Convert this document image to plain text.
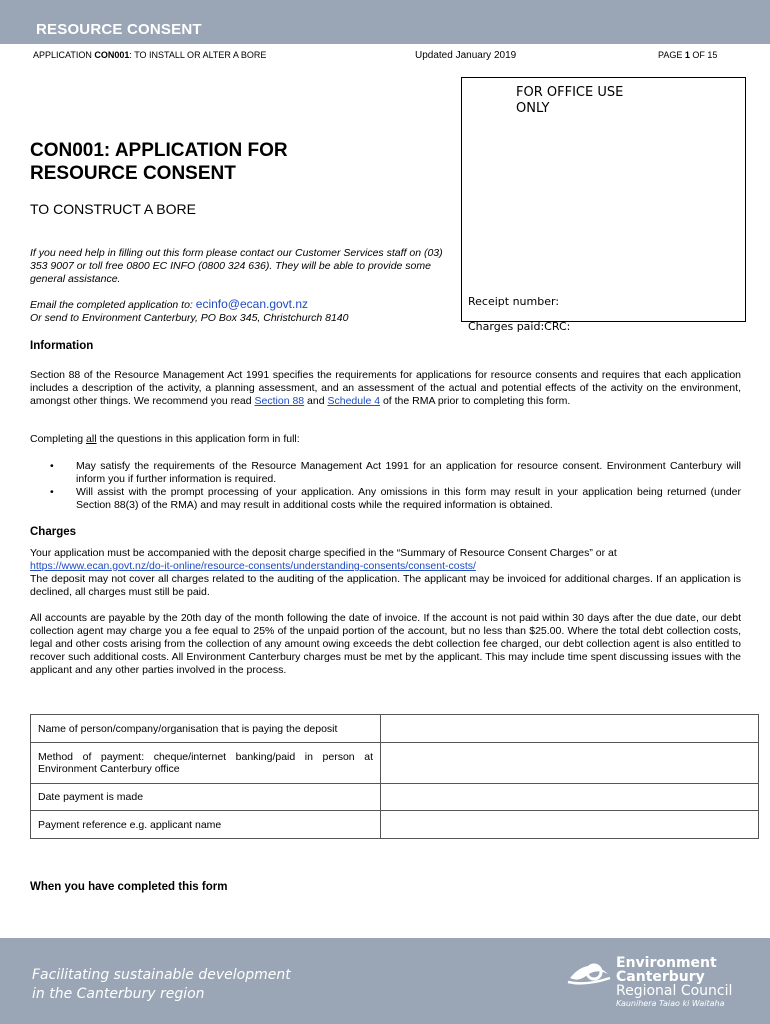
RESOURCE CONSENT
APPLICATION CON001: TO INSTALL OR ALTER A BORE	Updated January 2019	PAGE 1 OF 15
FOR OFFICE USE ONLY
Receipt number:
Charges paid:CRC:
CON001: APPLICATION FOR RESOURCE CONSENT
TO CONSTRUCT A BORE
If you need help in filling out this form please contact our Customer Services staff on (03) 353 9007 or toll free 0800 EC INFO (0800 324 636). They will be able to provide some general assistance.
Email the completed application to: ecinfo@ecan.govt.nz
Or send to Environment Canterbury, PO Box 345, Christchurch 8140
Information
Section 88 of the Resource Management Act 1991 specifies the requirements for applications for resource consents and requires that each application includes a description of the activity, a planning assessment, and an assessment of the actual and potential effects of the activity on the environment, amongst other things. We recommend you read Section 88 and Schedule 4 of the RMA prior to completing this form.
Completing all the questions in this application form in full:
• May satisfy the requirements of the Resource Management Act 1991 for an application for resource consent. Environment Canterbury will inform you if further information is required.
• Will assist with the prompt processing of your application. Any omissions in this form may result in your application being returned (under Section 88(3) of the RMA) and may result in additional costs while the required information is obtained.
Charges
Your application must be accompanied with the deposit charge specified in the “Summary of Resource Consent Charges” or at
https://www.ecan.govt.nz/do-it-online/resource-consents/understanding-consents/consent-costs/
The deposit may not cover all charges related to the auditing of the application. The applicant may be invoiced for additional charges. If an application is declined, all charges must still be paid.
All accounts are payable by the 20th day of the month following the date of invoice. If the account is not paid within 30 days after the due date, our debt collection agent may charge you a fee equal to 25% of the unpaid portion of the account, but no less than $25.00. Where the total debt collection costs, legal and other costs arising from the collection of any amount owing exceeds the debt collection fee charged, our debt collection agent is also entitled to recover such additional costs. All Environment Canterbury charges must be met by the applicant. This may include time spent discussing issues with the applicant and any other parties involved in the process.
Name of person/company/organisation that is paying the deposit	
Method of payment: cheque/internet banking/paid in person at Environment Canterbury office	
Date payment is made	
Payment reference e.g. applicant name	
When you have completed this form
Facilitating sustainable development
in the Canterbury region
Environment
Canterbury
Regional Council
Kaunihera Taiao ki Waitaha
